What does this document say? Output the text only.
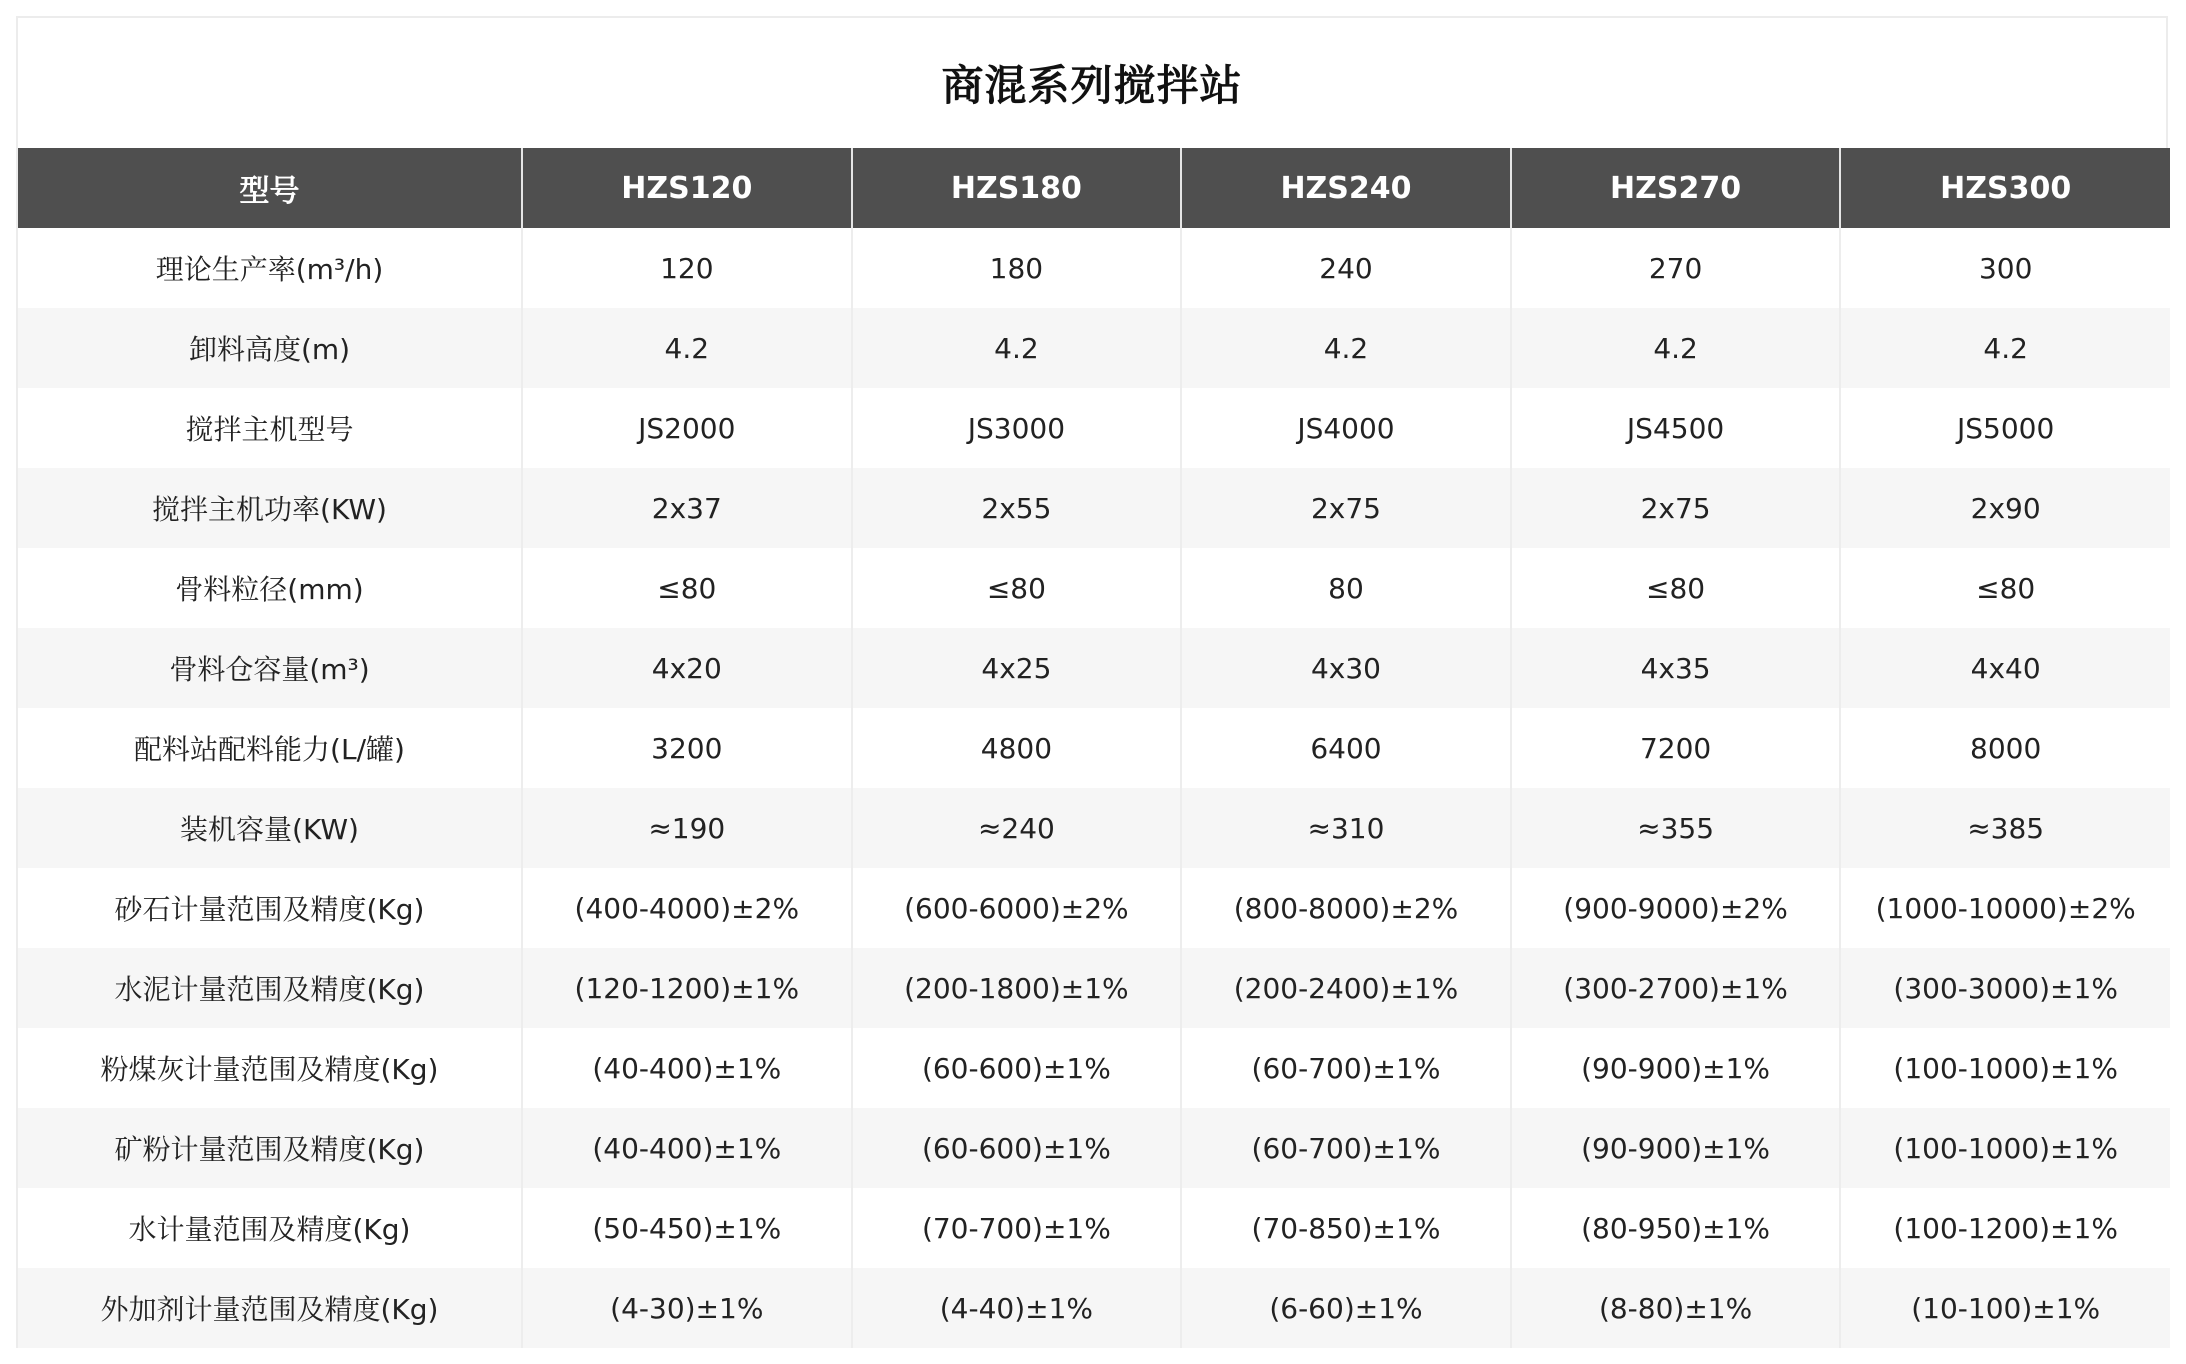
商混系列搅拌站
型号	HZS120	HZS180	HZS240	HZS270	HZS300
理论生产率(m³/h)	120	180	240	270	300
卸料高度(m)	4.2	4.2	4.2	4.2	4.2
搅拌主机型号	JS2000	JS3000	JS4000	JS4500	JS5000
搅拌主机功率(KW)	2x37	2x55	2x75	2x75	2x90
骨料粒径(mm)	≤80	≤80	80	≤80	≤80
骨料仓容量(m³)	4x20	4x25	4x30	4x35	4x40
配料站配料能力(L/罐)	3200	4800	6400	7200	8000
装机容量(KW)	≈190	≈240	≈310	≈355	≈385
砂石计量范围及精度(Kg)	(400-4000)±2%	(600-6000)±2%	(800-8000)±2%	(900-9000)±2%	(1000-10000)±2%
水泥计量范围及精度(Kg)	(120-1200)±1%	(200-1800)±1%	(200-2400)±1%	(300-2700)±1%	(300-3000)±1%
粉煤灰计量范围及精度(Kg)	(40-400)±1%	(60-600)±1%	(60-700)±1%	(90-900)±1%	(100-1000)±1%
矿粉计量范围及精度(Kg)	(40-400)±1%	(60-600)±1%	(60-700)±1%	(90-900)±1%	(100-1000)±1%
水计量范围及精度(Kg)	(50-450)±1%	(70-700)±1%	(70-850)±1%	(80-950)±1%	(100-1200)±1%
外加剂计量范围及精度(Kg)	(4-30)±1%	(4-40)±1%	(6-60)±1%	(8-80)±1%	(10-100)±1%
